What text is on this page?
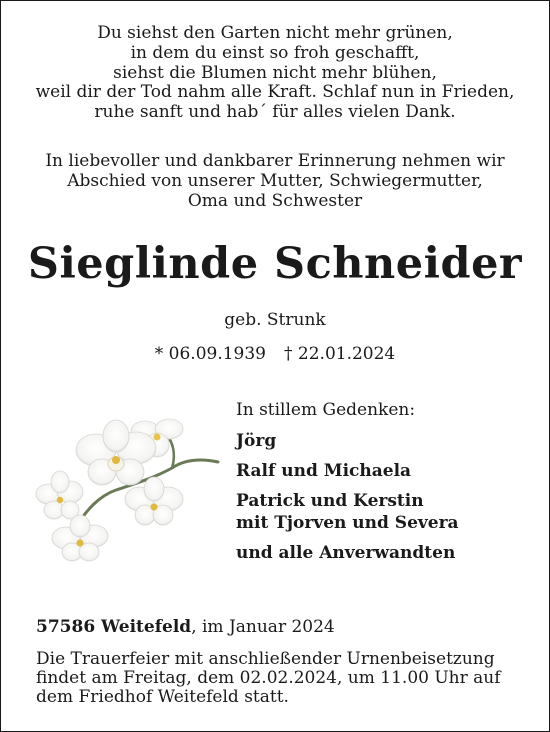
Du siehst den Garten nicht mehr grünen,
in dem du einst so froh geschafft,
siehst die Blumen nicht mehr blühen,
weil dir der Tod nahm alle Kraft. Schlaf nun in Frieden,
ruhe sanft und hab´ für alles vielen Dank.
In liebevoller und dankbarer Erinnerung nehmen wir
Abschied von unserer Mutter, Schwiegermutter,
Oma und Schwester
Sieglinde Schneider
geb. Strunk
* 06.09.1939 † 22.01.2024
In stillem Gedenken:
Jörg
Ralf und Michaela
Patrick und Kerstin
mit Tjorven und Severa
und alle Anverwandten
57586 Weitefeld, im Januar 2024
Die Trauerfeier mit anschließender Urnenbeisetzung
findet am Freitag, dem 02.02.2024, um 11.00 Uhr auf
dem Friedhof Weitefeld statt.
